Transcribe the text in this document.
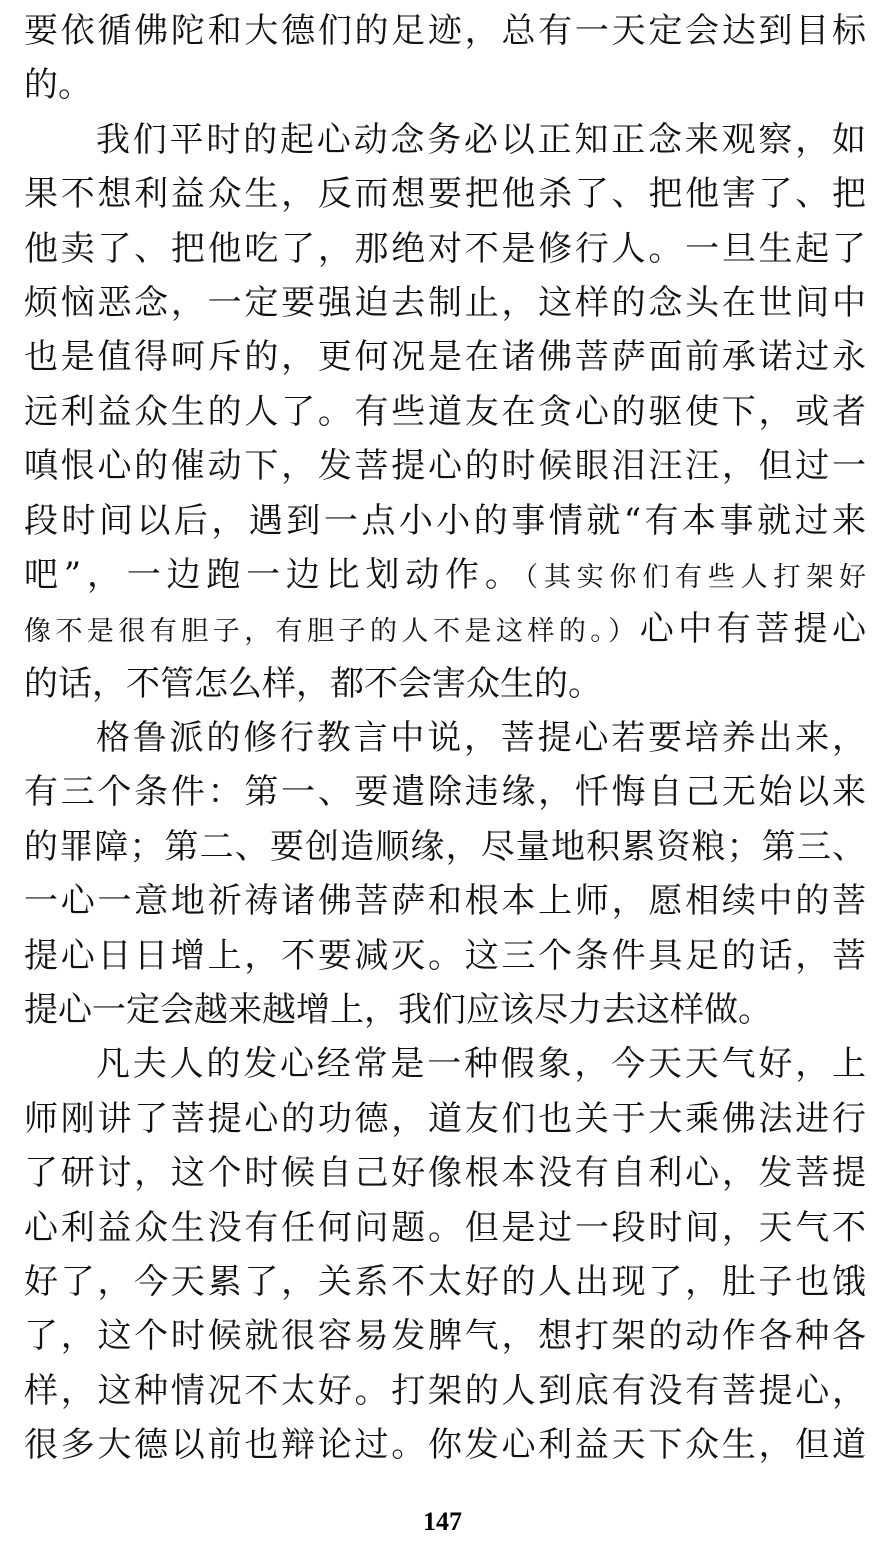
要依循佛陀和大德们的足迹，总有一天定会达到目标
的。
我们平时的起心动念务必以正知正念来观察，如
果不想利益众生，反而想要把他杀了、把他害了、把
他卖了、把他吃了，那绝对不是修行人。一旦生起了
烦恼恶念，一定要强迫去制止，这样的念头在世间中
也是值得呵斥的，更何况是在诸佛菩萨面前承诺过永
远利益众生的人了。有些道友在贪心的驱使下，或者
嗔恨心的催动下，发菩提心的时候眼泪汪汪，但过一
段时间以后，遇到一点小小的事情就“有本事就过来
吧”，一边跑一边比划动作。（其实你们有些人打架好
像不是很有胆子，有胆子的人不是这样的。）心中有菩提心
的话，不管怎么样，都不会害众生的。
格鲁派的修行教言中说，菩提心若要培养出来，
有三个条件：第一、要遣除违缘，忏悔自己无始以来
的罪障；第二、要创造顺缘，尽量地积累资粮；第三、
一心一意地祈祷诸佛菩萨和根本上师，愿相续中的菩
提心日日增上，不要减灭。这三个条件具足的话，菩
提心一定会越来越增上，我们应该尽力去这样做。
凡夫人的发心经常是一种假象，今天天气好，上
师刚讲了菩提心的功德，道友们也关于大乘佛法进行
了研讨，这个时候自己好像根本没有自利心，发菩提
心利益众生没有任何问题。但是过一段时间，天气不
好了，今天累了，关系不太好的人出现了，肚子也饿
了，这个时候就很容易发脾气，想打架的动作各种各
样，这种情况不太好。打架的人到底有没有菩提心，
很多大德以前也辩论过。你发心利益天下众生，但道
147
